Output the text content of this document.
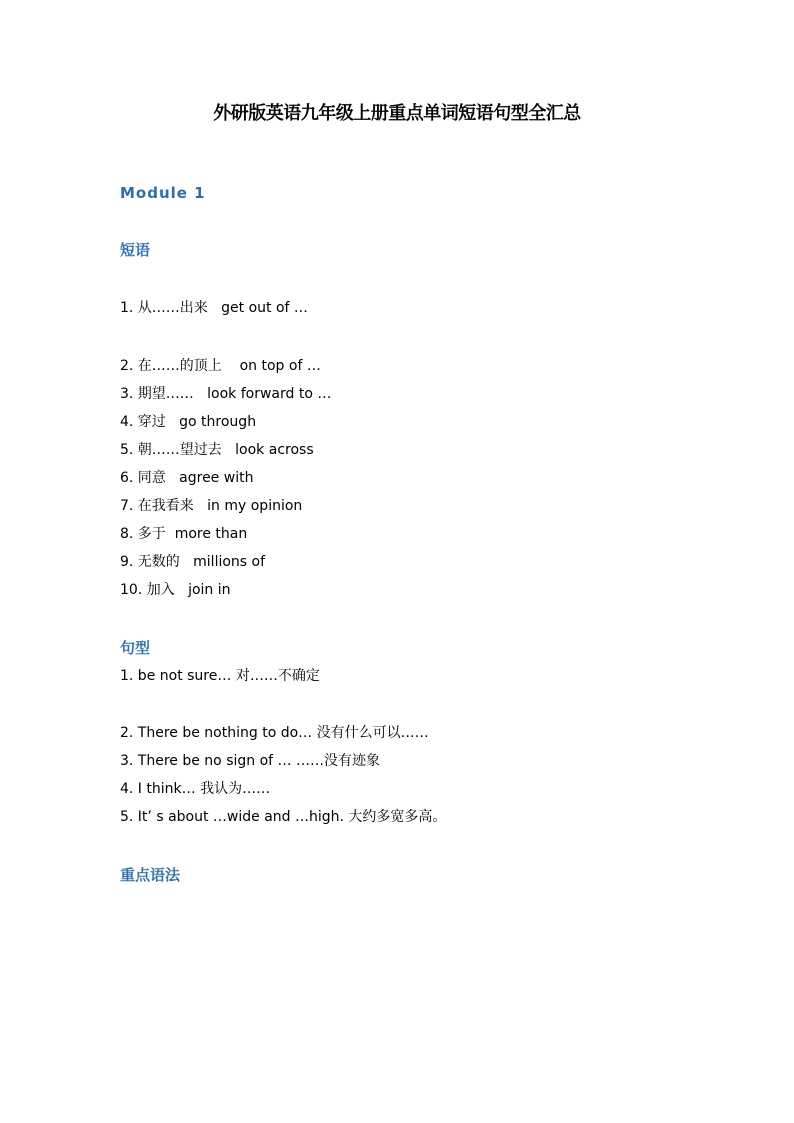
外研版英语九年级上册重点单词短语句型全汇总
Module 1
短语
1. 从……出来   get out of …
2. 在……的顶上    on top of …
3. 期望……   look forward to …
4. 穿过   go through
5. 朝……望过去   look across
6. 同意   agree with
7. 在我看来   in my opinion
8. 多于  more than
9. 无数的   millions of
10. 加入   join in
句型
1. be not sure… 对……不确定
2. There be nothing to do… 没有什么可以……
3. There be no sign of … ……没有迹象
4. I think… 我认为……
5. It’ s about …wide and …high. 大约多宽多高。
重点语法
